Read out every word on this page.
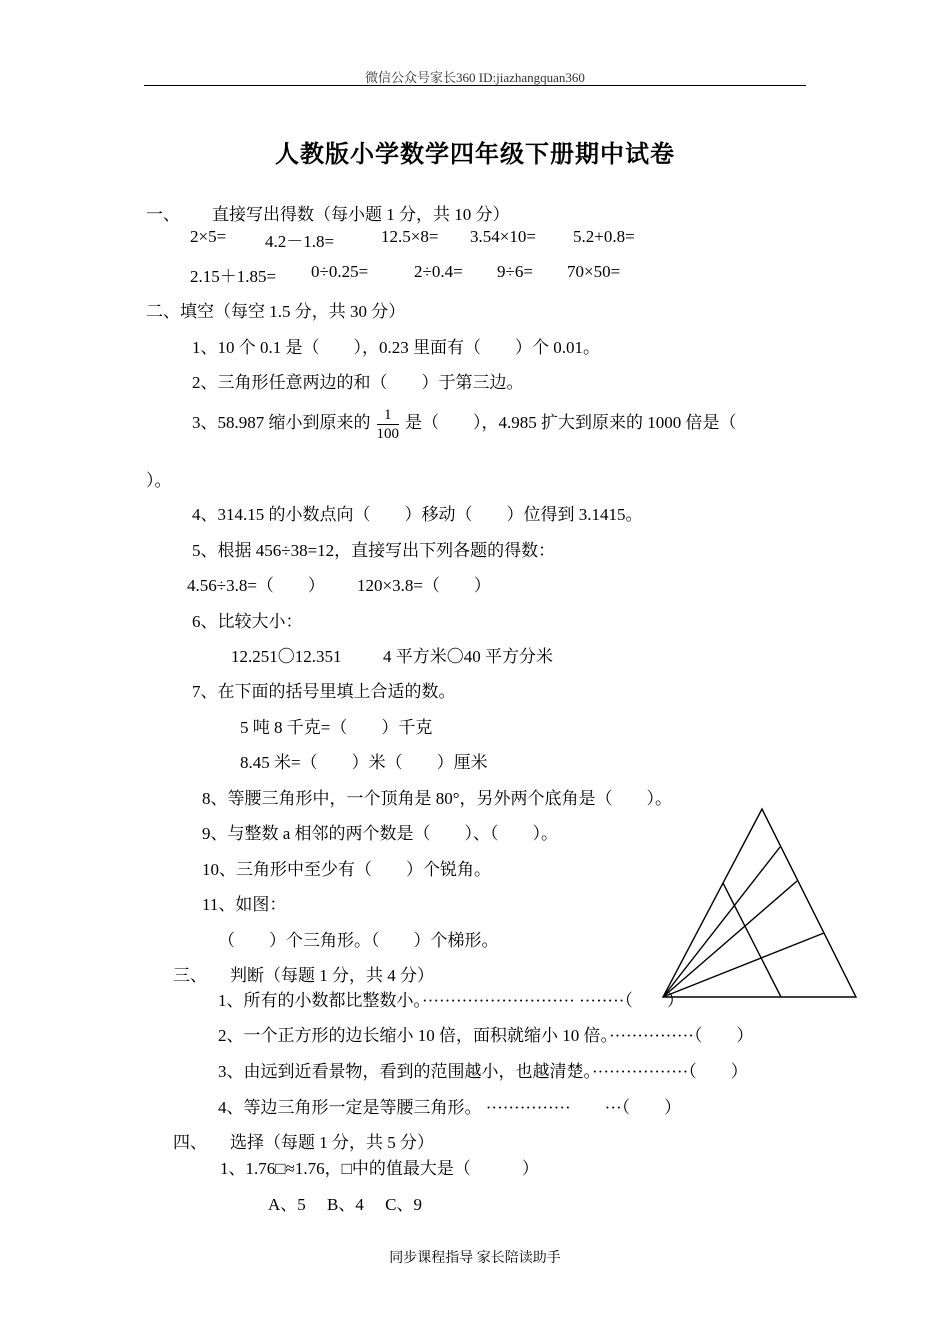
微信公众号家长360 ID:jiazhangquan360
人教版小学数学四年级下册期中试卷
一、 直接写出得数（每小题 1 分，共 10 分）
2×5= 4.2－1.8=	12.5×8= 3.54×10= 5.2+0.8=
2.15＋1.85= 0÷0.25=	2÷0.4= 9÷6= 70×50=
二、填空（每空 1.5 分，共 30 分）
1、10 个 0.1 是（　　），0.23 里面有（　　）个 0.01。
2、三角形任意两边的和（　　）于第三边。
3、58.987 缩小到原来的 $\frac{1}{100}$ 是（　　），4.985 扩大到原来的 1000 倍是（
）。
4、314.15 的小数点向（　　）移动（　　）位得到 3.1415。
5、根据 456÷38=12，直接写出下列各题的得数：
4.56÷3.8=（　　） 120×3.8=（　　）
6、比较大小：
12.251〇12.351 4 平方米〇40 平方分米
7、在下面的括号里填上合适的数。
5 吨 8 千克=（　　）千克
8.45 米=（　　）米（　　）厘米
8、等腰三角形中，一个顶角是 80°，另外两个底角是（　　）。
9、与整数 a 相邻的两个数是（　　）、（　　）。
10、三角形中至少有（　　）个锐角。
11、如图：
（　　）个三角形。（　　）个梯形。
三、 判断（每题 1 分，共 4 分）
1、所有的小数都比整数小。··························· ········（　　）
2、一个正方形的边长缩小 10 倍，面积就缩小 10 倍。···············（　　）
3、由远到近看景物，看到的范围越小，也越清楚。·················（　　）
4、等边三角形一定是等腰三角形。 ···············　　···（　　）
四、 选择（每题 1 分，共 5 分）
1、1.76□≈1.76，□中的值最大是（　　　）
A、5　 B、4　 C、9
同步课程指导 家长陪读助手
